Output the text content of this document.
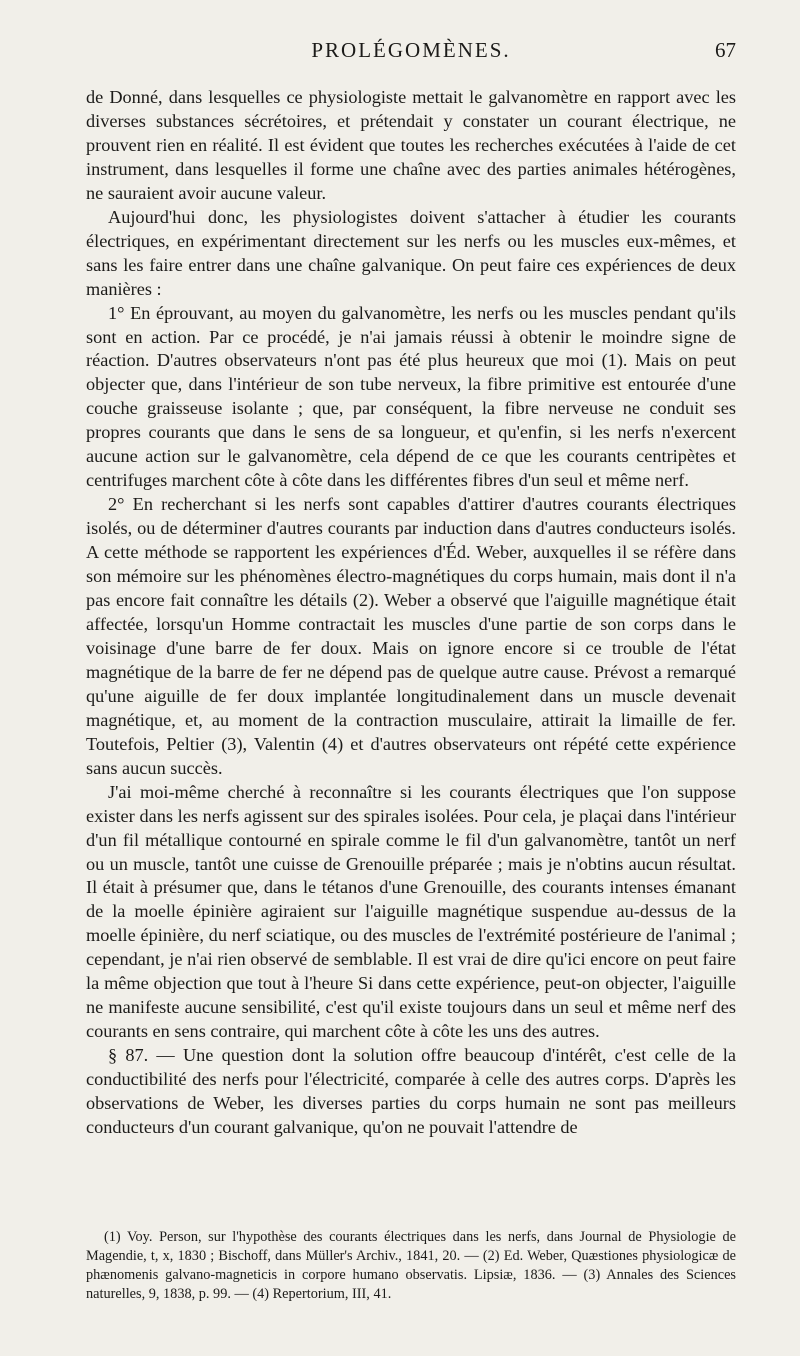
PROLÉGOMÈNES.	67

de Donné, dans lesquelles ce physiologiste mettait le galvanomètre en rapport avec les diverses substances sécrétoires, et prétendait y constater un courant électrique, ne prouvent rien en réalité. Il est évident que toutes les recherches exécutées à l'aide de cet instrument, dans lesquelles il forme une chaîne avec des parties animales hétérogènes, ne sauraient avoir aucune valeur.

Aujourd'hui donc, les physiologistes doivent s'attacher à étudier les courants électriques, en expérimentant directement sur les nerfs ou les muscles eux-mêmes, et sans les faire entrer dans une chaîne galvanique. On peut faire ces expériences de deux manières :

1° En éprouvant, au moyen du galvanomètre, les nerfs ou les muscles pendant qu'ils sont en action. Par ce procédé, je n'ai jamais réussi à obtenir le moindre signe de réaction. D'autres observateurs n'ont pas été plus heureux que moi (1). Mais on peut objecter que, dans l'intérieur de son tube nerveux, la fibre primitive est entourée d'une couche graisseuse isolante ; que, par conséquent, la fibre nerveuse ne conduit ses propres courants que dans le sens de sa longueur, et qu'enfin, si les nerfs n'exercent aucune action sur le galvanomètre, cela dépend de ce que les courants centripètes et centrifuges marchent côte à côte dans les différentes fibres d'un seul et même nerf.

2° En recherchant si les nerfs sont capables d'attirer d'autres courants électriques isolés, ou de déterminer d'autres courants par induction dans d'autres conducteurs isolés. A cette méthode se rapportent les expériences d'Éd. Weber, auxquelles il se réfère dans son mémoire sur les phénomènes électro-magnétiques du corps humain, mais dont il n'a pas encore fait connaître les détails (2). Weber a observé que l'aiguille magnétique était affectée, lorsqu'un Homme contractait les muscles d'une partie de son corps dans le voisinage d'une barre de fer doux. Mais on ignore encore si ce trouble de l'état magnétique de la barre de fer ne dépend pas de quelque autre cause. Prévost a remarqué qu'une aiguille de fer doux implantée longitudinalement dans un muscle devenait magnétique, et, au moment de la contraction musculaire, attirait la limaille de fer. Toutefois, Peltier (3), Valentin (4) et d'autres observateurs ont répété cette expérience sans aucun succès.

J'ai moi-même cherché à reconnaître si les courants électriques que l'on suppose exister dans les nerfs agissent sur des spirales isolées. Pour cela, je plaçai dans l'intérieur d'un fil métallique contourné en spirale comme le fil d'un galvanomètre, tantôt un nerf ou un muscle, tantôt une cuisse de Grenouille préparée ; mais je n'obtins aucun résultat. Il était à présumer que, dans le tétanos d'une Grenouille, des courants intenses émanant de la moelle épinière agiraient sur l'aiguille magnétique suspendue au-dessus de la moelle épinière, du nerf sciatique, ou des muscles de l'extrémité postérieure de l'animal ; cependant, je n'ai rien observé de semblable. Il est vrai de dire qu'ici encore on peut faire la même objection que tout à l'heure Si dans cette expérience, peut-on objecter, l'aiguille ne manifeste aucune sensibilité, c'est qu'il existe toujours dans un seul et même nerf des courants en sens contraire, qui marchent côte à côte les uns des autres.

§ 87. — Une question dont la solution offre beaucoup d'intérêt, c'est celle de la conductibilité des nerfs pour l'électricité, comparée à celle des autres corps. D'après les observations de Weber, les diverses parties du corps humain ne sont pas meilleurs conducteurs d'un courant galvanique, qu'on ne pouvait l'attendre de

(1) Voy. Person, sur l'hypothèse des courants électriques dans les nerfs, dans Journal de Physiologie de Magendie, t, x, 1830 ; Bischoff, dans Müller's Archiv., 1841, 20. — (2) Ed. Weber, Quæstiones physiologicæ de phænomenis galvano-magneticis in corpore humano observatis. Lipsiæ, 1836. — (3) Annales des Sciences naturelles, 9, 1838, p. 99. — (4) Repertorium, III, 41.
